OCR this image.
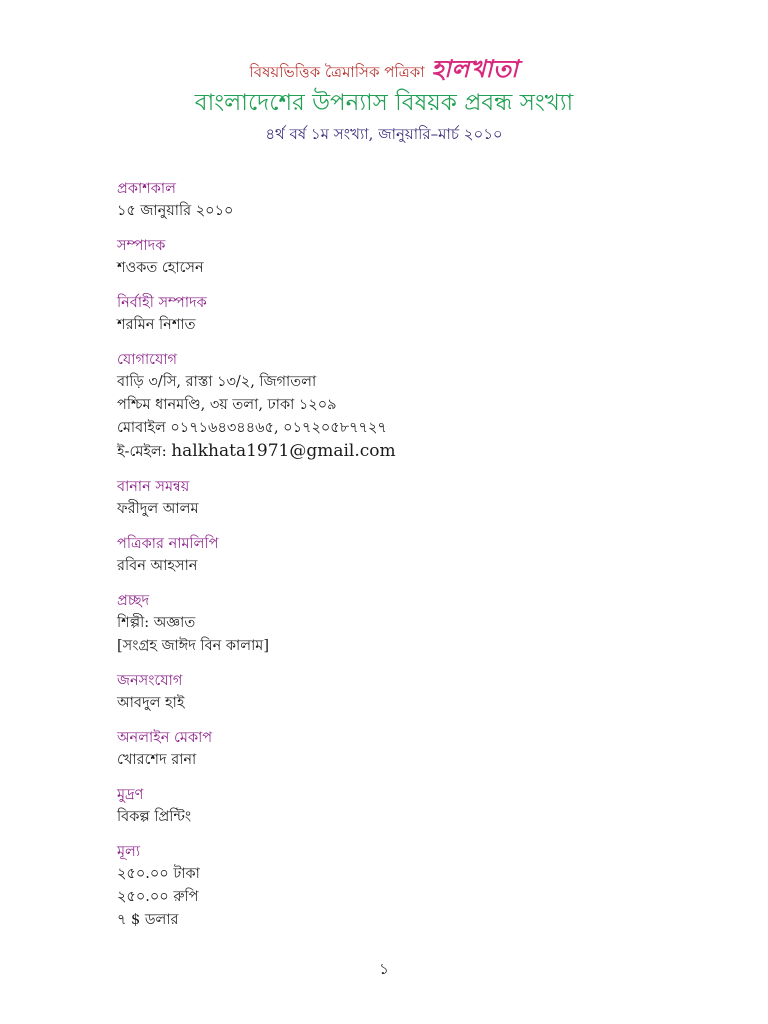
বিষয়ভিত্তিক ত্রৈমাসিক পত্রিকা হালখাতা
বাংলাদেশের উপন্যাস বিষয়ক প্রবন্ধ সংখ্যা
৪র্থ বর্ষ ১ম সংখ্যা, জানুয়ারি–মার্চ ২০১০
প্রকাশকাল
১৫ জানুয়ারি ২০১০
সম্পাদক
শওকত হোসেন
নির্বাহী সম্পাদক
শরমিন নিশাত
যোগাযোগ
বাড়ি ৩/সি, রাস্তা ১৩/২, জিগাতলা
পশ্চিম ধানমণ্ডি, ৩য় তলা, ঢাকা ১২০৯
মোবাইল ০১৭১৬৪৩৪৪৬৫, ০১৭২০৫৮৭৭২৭
ই-মেইল: halkhata1971@gmail.com
বানান সমন্বয়
ফরীদুল আলম
পত্রিকার নামলিপি
রবিন আহসান
প্রচ্ছদ
শিল্পী: অজ্ঞাত
[সংগ্রহ জাঈদ বিন কালাম]
জনসংযোগ
আবদুল হাই
অনলাইন মেকাপ
খোরশেদ রানা
মুদ্রণ
বিকল্প প্রিন্টিং
মূল্য
২৫০.০০ টাকা
২৫০.০০ রুপি
৭ $ ডলার
১
